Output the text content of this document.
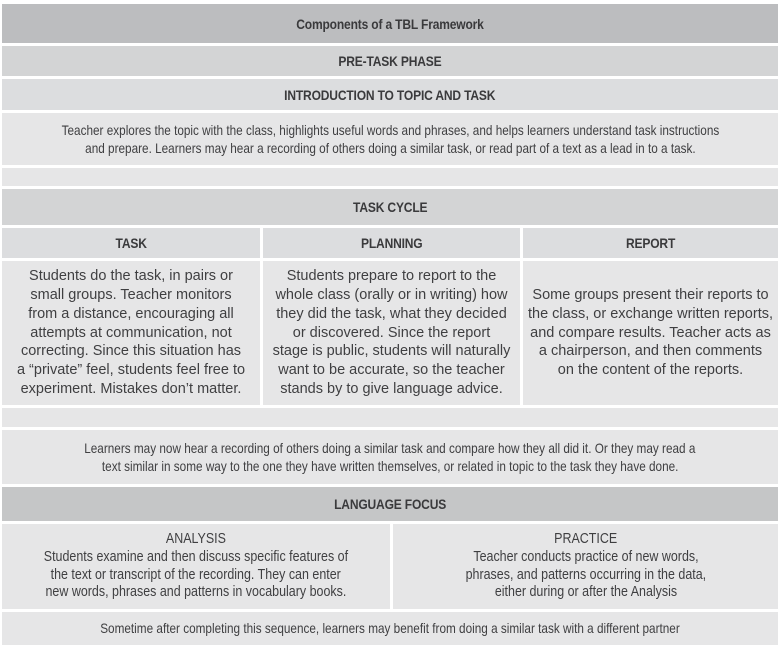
Components of a TBL Framework
PRE-TASK PHASE
INTRODUCTION TO TOPIC AND TASK
Teacher explores the topic with the class, highlights useful words and phrases, and helps learners understand task instructions
and prepare. Learners may hear a recording of others doing a similar task, or read part of a text as a lead in to a task.
TASK CYCLE
TASK	PLANNING	REPORT
Students do the task, in pairs or
small groups. Teacher monitors
from a distance, encouraging all
attempts at communication, not
correcting. Since this situation has
a “private” feel, students feel free to
experiment. Mistakes don’t matter.
Students prepare to report to the
whole class (orally or in writing) how
they did the task, what they decided
or discovered. Since the report
stage is public, students will naturally
want to be accurate, so the teacher
stands by to give language advice.
Some groups present their reports to
the class, or exchange written reports,
and compare results. Teacher acts as
a chairperson, and then comments
on the content of the reports.
Learners may now hear a recording of others doing a similar task and compare how they all did it. Or they may read a
text similar in some way to the one they have written themselves, or related in topic to the task they have done.
LANGUAGE FOCUS
ANALYSIS
Students examine and then discuss specific features of
the text or transcript of the recording. They can enter
new words, phrases and patterns in vocabulary books.
PRACTICE
Teacher conducts practice of new words,
phrases, and patterns occurring in the data,
either during or after the Analysis
Sometime after completing this sequence, learners may benefit from doing a similar task with a different partner
